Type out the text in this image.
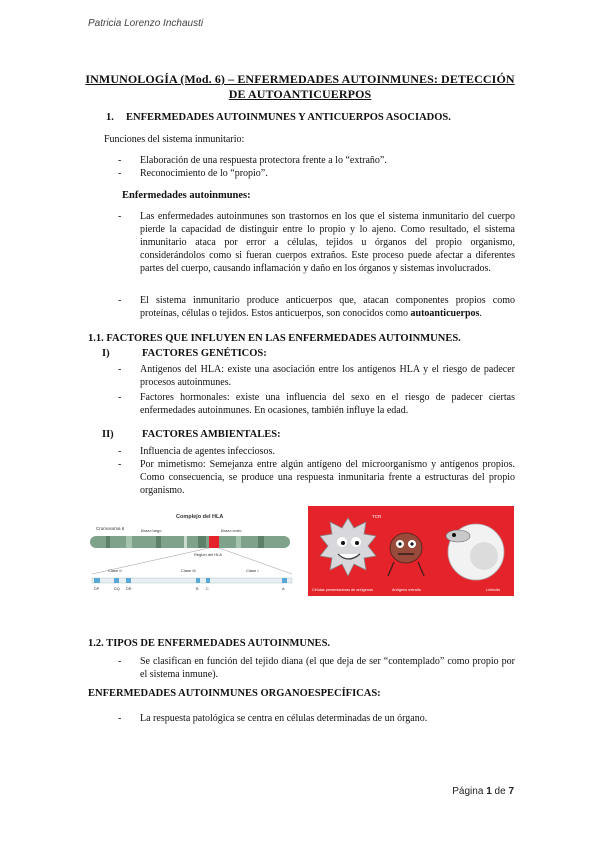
Patricia Lorenzo Inchausti
INMUNOLOGÍA (Mod. 6) – ENFERMEDADES AUTOINMUNES: DETECCIÓN
DE AUTOANTICUERPOS
1. ENFERMEDADES AUTOINMUNES Y ANTICUERPOS ASOCIADOS.
Funciones del sistema inmunitario:
- Elaboración de una respuesta protectora frente a lo “extraño”.
- Reconocimiento de lo “propio”.
Enfermedades autoinmunes:
- Las enfermedades autoinmunes son trastornos en los que el sistema inmunitario del cuerpo pierde la capacidad de distinguir entre lo propio y lo ajeno. Como resultado, el sistema inmunitario ataca por error a células, tejidos u órganos del propio organismo, considerándolos como si fueran cuerpos extraños. Este proceso puede afectar a diferentes partes del cuerpo, causando inflamación y daño en los órganos y sistemas involucrados.
- El sistema inmunitario produce anticuerpos que, atacan componentes propios como proteínas, células o tejidos. Estos anticuerpos, son conocidos como autoanticuerpos.
1.1. FACTORES QUE INFLUYEN EN LAS ENFERMEDADES AUTOINMUNES.
I)	FACTORES GENÉTICOS:
- Antígenos del HLA: existe una asociación entre los antígenos HLA y el riesgo de padecer procesos autoinmunes.
- Factores hormonales: existe una influencia del sexo en el riesgo de padecer ciertas enfermedades autoinmunes. En ocasiones, también influye la edad.
II)	FACTORES AMBIENTALES:
- Influencia de agentes infecciosos.
- Por mimetismo: Semejanza entre algún antígeno del microorganismo y antígenos propios. Como consecuencia, se produce una respuesta inmunitaria frente a estructuras del propio organismo.
Complejo del HLA
Cromosoma 6	Brazo largo	Brazo corto
Región del HLA
Clase II	Clase III	Clase I
DP	DQ DR	B C	A
TCR
Células presentadoras de antígenos	Antígeno extraño	Linfocito
1.2. TIPOS DE ENFERMEDADES AUTOINMUNES.
- Se clasifican en función del tejido diana (el que deja de ser “contemplado” como propio por el sistema inmune).
ENFERMEDADES AUTOINMUNES ORGANOESPECÍFICAS:
- La respuesta patológica se centra en células determinadas de un órgano.
Página 1 de 7
